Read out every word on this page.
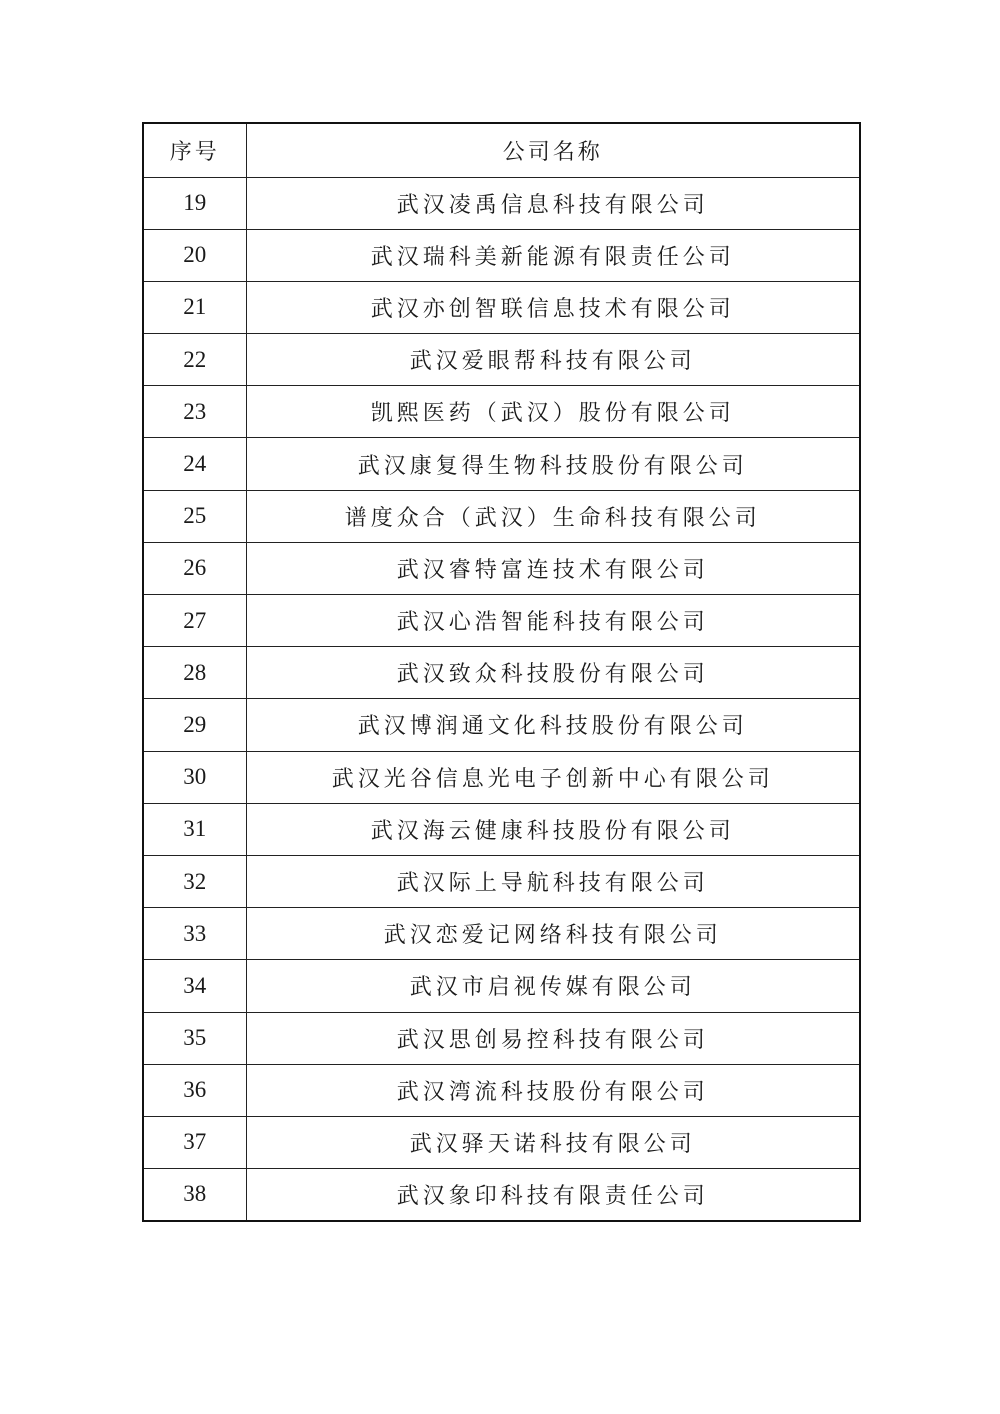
序号	公司名称
19	武汉凌禹信息科技有限公司
20	武汉瑞科美新能源有限责任公司
21	武汉亦创智联信息技术有限公司
22	武汉爱眼帮科技有限公司
23	凯熙医药（武汉）股份有限公司
24	武汉康复得生物科技股份有限公司
25	谱度众合（武汉）生命科技有限公司
26	武汉睿特富连技术有限公司
27	武汉心浩智能科技有限公司
28	武汉致众科技股份有限公司
29	武汉博润通文化科技股份有限公司
30	武汉光谷信息光电子创新中心有限公司
31	武汉海云健康科技股份有限公司
32	武汉际上导航科技有限公司
33	武汉恋爱记网络科技有限公司
34	武汉市启视传媒有限公司
35	武汉思创易控科技有限公司
36	武汉湾流科技股份有限公司
37	武汉驿天诺科技有限公司
38	武汉象印科技有限责任公司
